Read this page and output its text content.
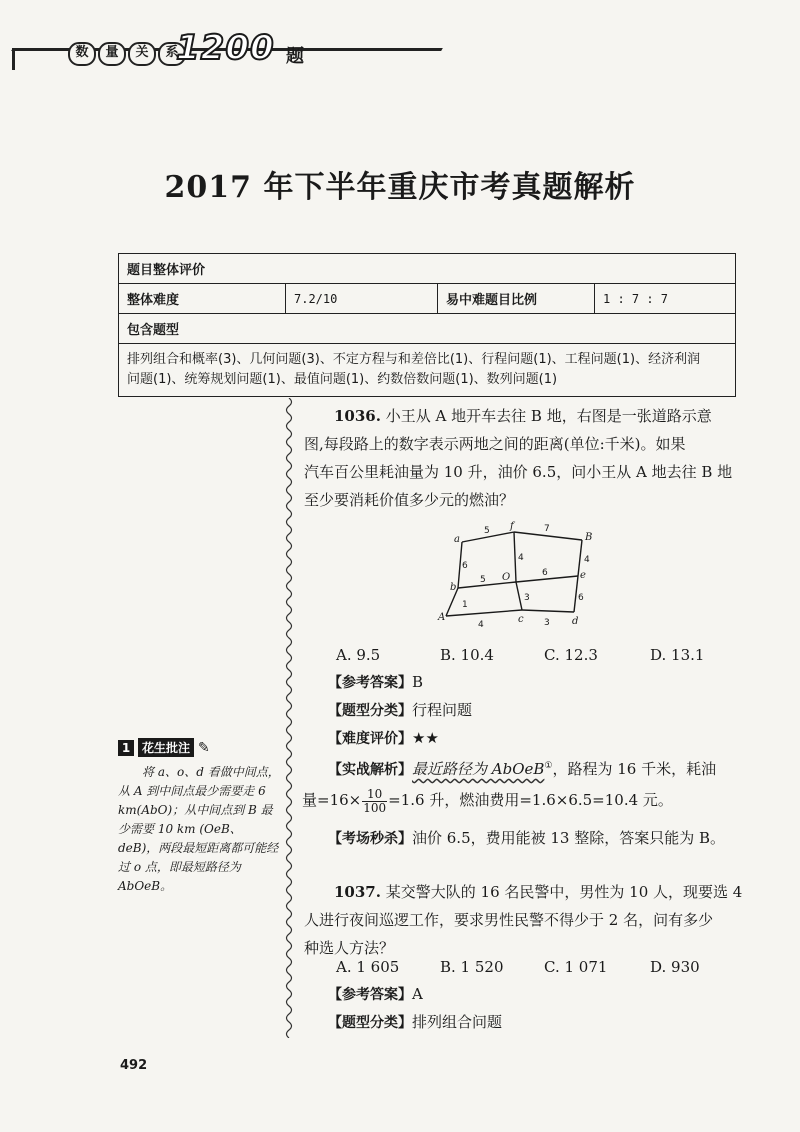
数	量	关	系
1200 题
2017 年下半年重庆市考真题解析
题目整体评价
整体难度	7.2/10	易中难题目比例	1 : 7 : 7
包含题型

排列组合和概率(3)、几何问题(3)、不定方程与和差倍比(1)、行程问题(1)、工程问题(1)、经济利润
问题(1)、统筹规划问题(1)、最值问题(1)、约数倍数问题(1)、数列问题(1)
1036. 小王从 A 地开车去往 B 地，右图是一张道路示意
图,每段路上的数字表示两地之间的距离(单位:千米)。如果
汽车百公里耗油量为 10 升，油价 6.5，问小王从 A 地去往 B 地
至少要消耗价值多少元的燃油？
a
f
B
b
O	e
A	c	d
5	7
6
4	4
5
6
1
3	6
4	3
A. 9.5	B. 10.4	C. 12.3	D. 13.1
【参考答案】B
【题型分类】行程问题
【难度评价】★★
【实战解析】最近路径为 AbOeB①，路程为 16 千米，耗油
量$=16\times \frac{10}{100} =1.6$ 升，燃油费用=1.6×6.5=10.4 元。
【考场秒杀】油价 6.5，费用能被 13 整除，答案只能为 B。
1 花生批注 ✎
将 a、o、d 看做中间点，从 A 到中间点最少需要走 6 km(AbO)；从中间点到 B 最少需要 10 km (OeB、deB)，两段最短距离都可能经过 o 点，即最短路径为 AbOeB。	1037. 某交警大队的 16 名民警中，男性为 10 人，现要选 4
人进行夜间巡逻工作，要求男性民警不得少于 2 名，问有多少
种选人方法？
A. 1 605	B. 1 520	C. 1 071	D. 930
【参考答案】A
【题型分类】排列组合问题
492
